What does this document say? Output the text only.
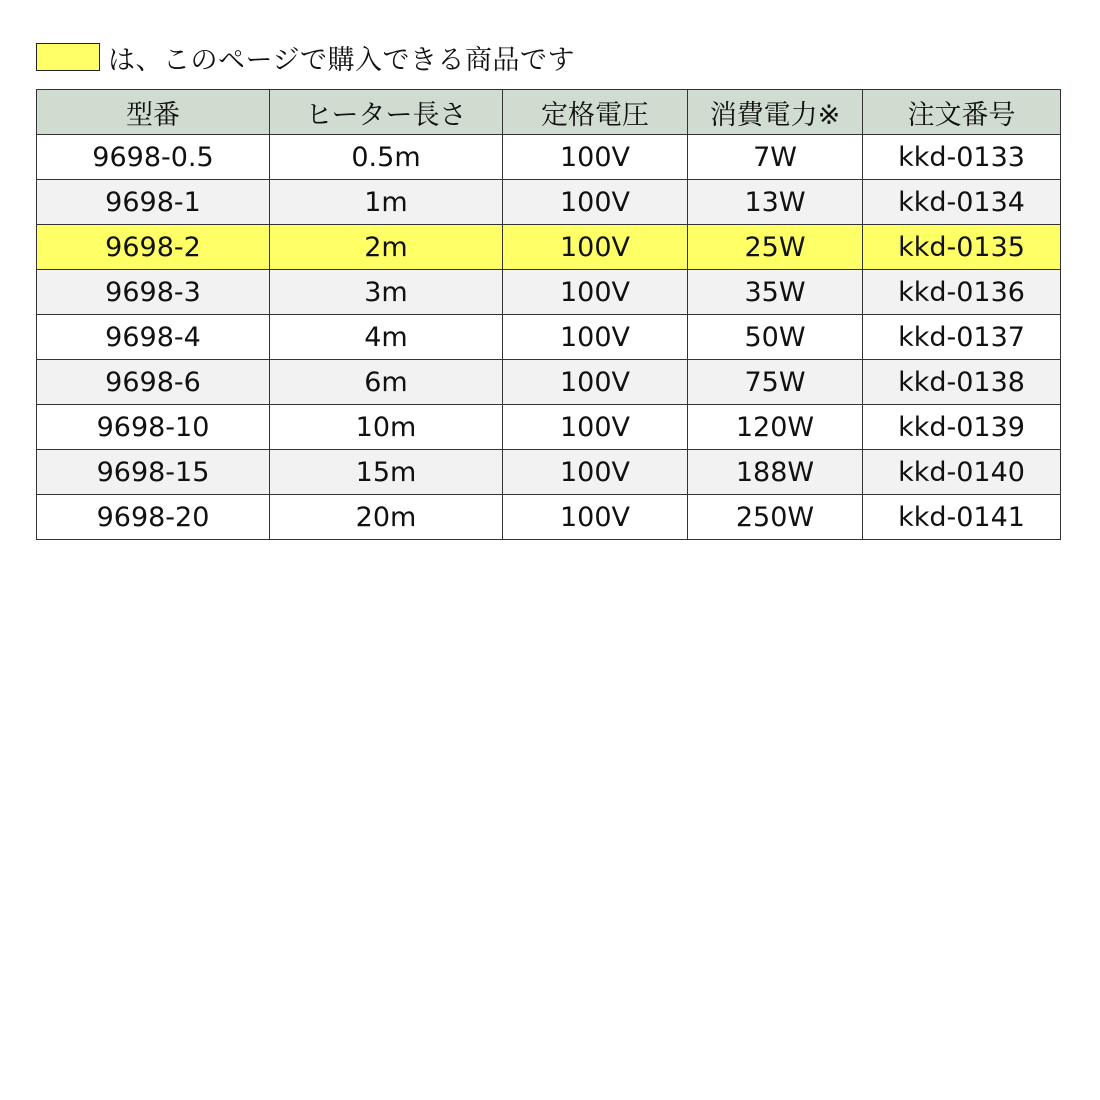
は、このページで購入できる商品です
型番	ヒーター長さ	定格電圧	消費電力※	注文番号
9698-0.5	0.5m	100V	7W	kkd-0133
9698-1	1m	100V	13W	kkd-0134
9698-2	2m	100V	25W	kkd-0135
9698-3	3m	100V	35W	kkd-0136
9698-4	4m	100V	50W	kkd-0137
9698-6	6m	100V	75W	kkd-0138
9698-10	10m	100V	120W	kkd-0139
9698-15	15m	100V	188W	kkd-0140
9698-20	20m	100V	250W	kkd-0141
